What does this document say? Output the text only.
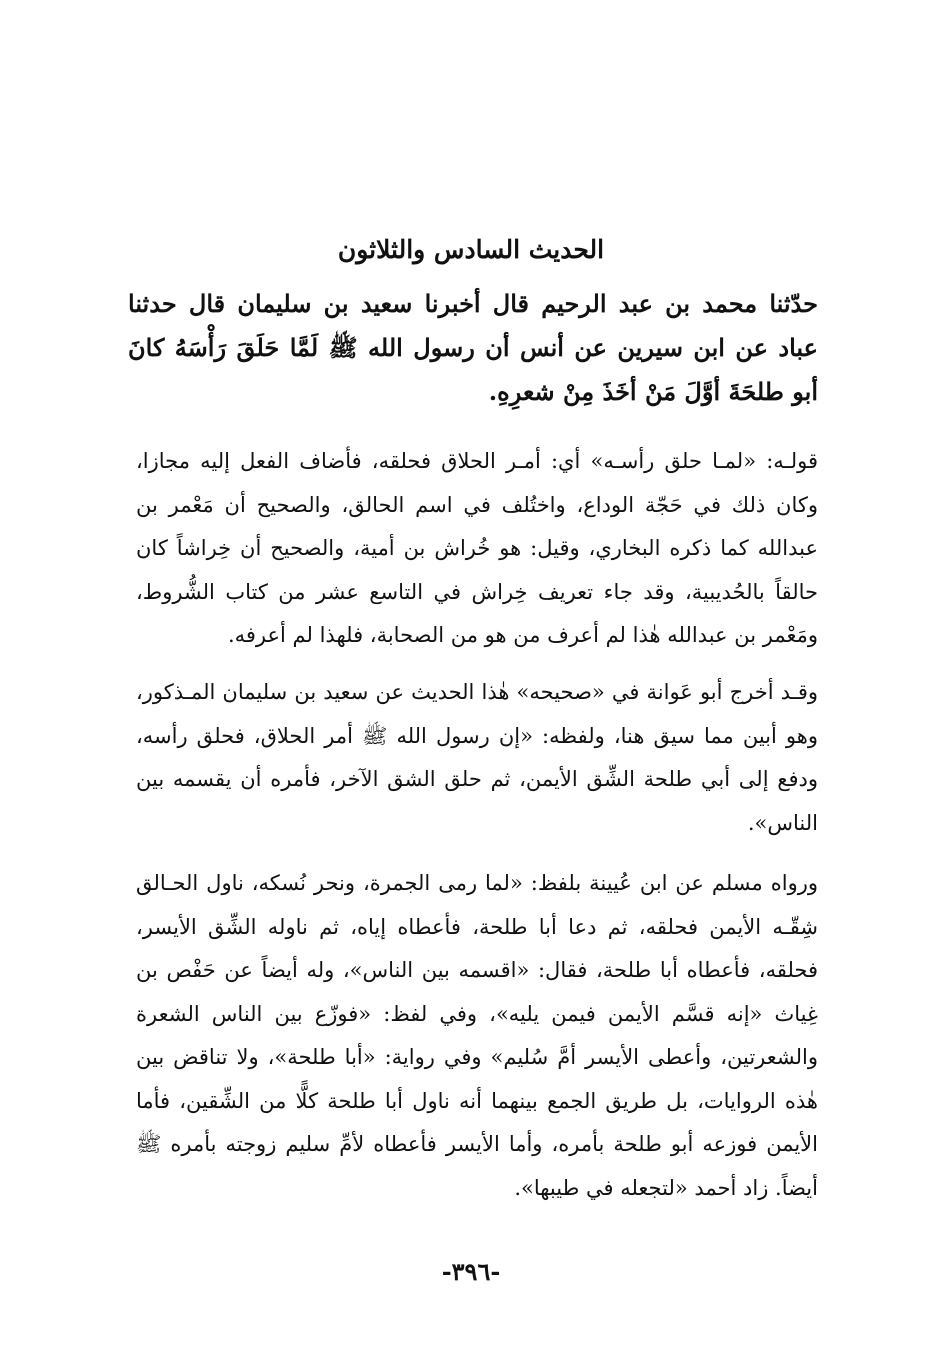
الحديث السادس والثلاثون

حدّثنا محمد بن عبد الرحيم قال أخبرنا سعيد بن سليمان قال حدثنا عباد عن ابن سيرين عن أنس أن رسول الله ﷺ لَمَّا حَلَقَ رَأْسَهُ كانَ أبو طلحَةَ أوَّلَ مَنْ أخَذَ مِنْ شعرِهِ.

قولـه: «لمـا حلق رأسـه» أي: أمـر الحلاق فحلقه، فأضاف الفعل إليه مجازا، وكان ذلك في حَجّة الوداع، واختُلف في اسم الحالق، والصحيح أن مَعْمر بن عبدالله كما ذكره البخاري، وقيل: هو خُراش بن أمية، والصحيح أن خِراشاً كان حالقاً بالحُديبية، وقد جاء تعريف خِراش في التاسع عشر من كتاب الشُّروط، ومَعْمر بن عبدالله هٰذا لم أعرف من هو من الصحابة، فلهذا لم أعرفه.

وقـد أخرج أبو عَوانة في «صحيحه» هٰذا الحديث عن سعيد بن سليمان المـذكور، وهو أبين مما سيق هنا، ولفظه: «إن رسول الله ﷺ أمر الحلاق، فحلق رأسه، ودفع إلى أبي طلحة الشِّق الأيمن، ثم حلق الشق الآخر، فأمره أن يقسمه بين الناس».

ورواه مسلم عن ابن عُيينة بلفظ: «لما رمى الجمرة، ونحر نُسكه، ناول الحـالق شِقّـه الأيمن فحلقه، ثم دعا أبا طلحة، فأعطاه إياه، ثم ناوله الشِّق الأيسر، فحلقه، فأعطاه أبا طلحة، فقال: «اقسمه بين الناس»، وله أيضاً عن حَفْص بن غِياث «إنه قسَّم الأيمن فيمن يليه»، وفي لفظ: «فوزّع بين الناس الشعرة والشعرتين، وأعطى الأيسر أمَّ سُليم» وفي رواية: «أبا طلحة»، ولا تناقض بين هٰذه الروايات، بل طريق الجمع بينهما أنه ناول أبا طلحة كلًّا من الشِّقين، فأما الأيمن فوزعه أبو طلحة بأمره، وأما الأيسر فأعطاه لأمِّ سليم زوجته بأمره ﷺ أيضاً. زاد أحمد «لتجعله في طيبها».

-٣٩٦-
